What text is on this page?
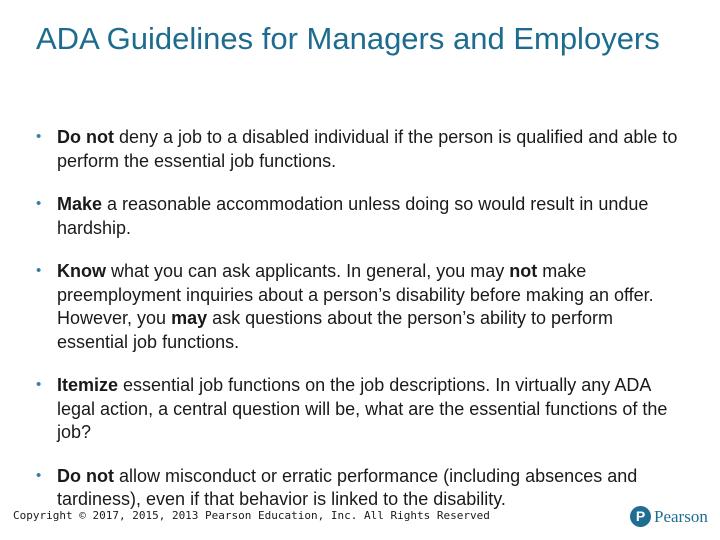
ADA Guidelines for Managers and Employers
• Do not deny a job to a disabled individual if the person is qualified and able to perform the essential job functions.
• Make a reasonable accommodation unless doing so would result in undue hardship.
• Know what you can ask applicants. In general, you may not make preemployment inquiries about a person’s disability before making an offer. However, you may ask questions about the person’s ability to perform essential job functions.
• Itemize essential job functions on the job descriptions. In virtually any ADA legal action, a central question will be, what are the essential functions of the job?
• Do not allow misconduct or erratic performance (including absences and tardiness), even if that behavior is linked to the disability.
Copyright © 2017, 2015, 2013 Pearson Education, Inc. All Rights Reserved	P Pearson
